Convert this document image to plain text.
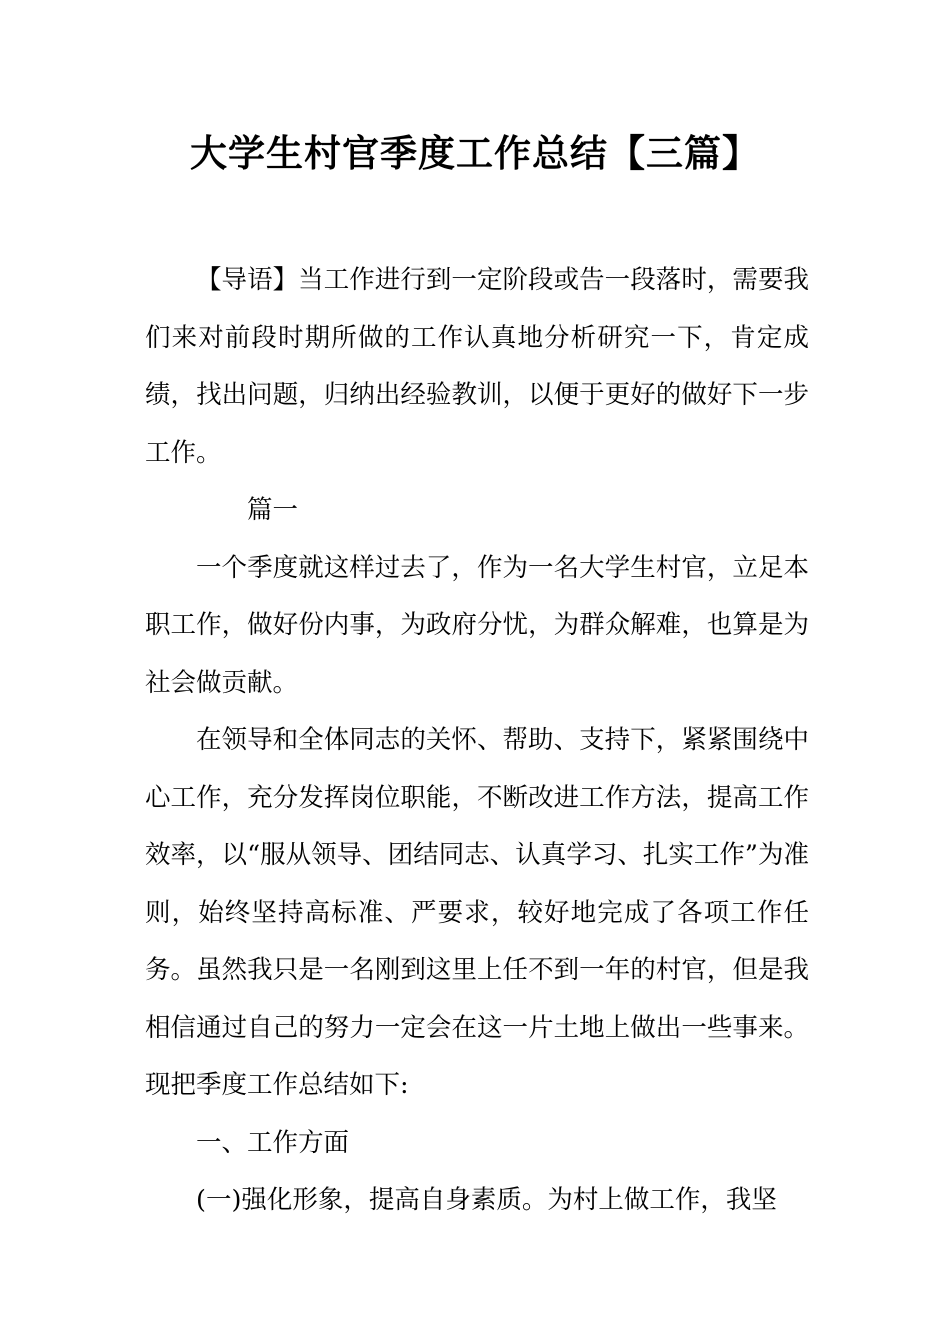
大学生村官季度工作总结【三篇】

【导语】当工作进行到一定阶段或告一段落时，需要我们来对前段时期所做的工作认真地分析研究一下，肯定成绩，找出问题，归纳出经验教训，以便于更好的做好下一步工作。

篇一

一个季度就这样过去了，作为一名大学生村官，立足本职工作，做好份内事，为政府分忧，为群众解难，也算是为社会做贡献。

在领导和全体同志的关怀、帮助、支持下，紧紧围绕中心工作，充分发挥岗位职能，不断改进工作方法，提高工作效率，以“服从领导、团结同志、认真学习、扎实工作”为准则，始终坚持高标准、严要求，较好地完成了各项工作任务。虽然我只是一名刚到这里上任不到一年的村官，但是我相信通过自己的努力一定会在这一片土地上做出一些事来。现把季度工作总结如下:

一、工作方面

(一)强化形象，提高自身素质。为村上做工作，我坚
